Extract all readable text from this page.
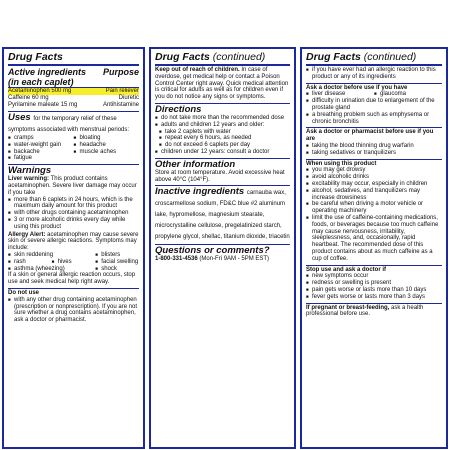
Drug Facts
Active ingredients Purpose
(in each caplet)
Acetaminophen 500 mg	Pain reliever
Caffeine 60 mg	Diuretic
Pyrilamine maleate 15 mg	Antihistamine
Uses for the temporary relief of these symptoms associated with menstrual periods:
■ cramps	■ bloating
■ water-weight gain	■ headache
■ backache	■ muscle aches
■ fatigue
Warnings
Liver warning: This product contains acetaminophen. Severe liver damage may occur if you take
■ more than 6 caplets in 24 hours, which is the maximum daily amount for this product
■ with other drugs containing acetaminophen
■ 3 or more alcoholic drinks every day while using this product
Allergy Alert: acetaminophen may cause severe skin or severe allergic reactions. Symptoms may include:
■ skin reddening	■ blisters
■ rash	■ hives	■ facial swelling
■ asthma (wheezing)	■ shock
If a skin or general allergic reaction occurs, stop use and seek medical help right away.
Do not use
■ with any other drug containing acetaminophen (prescription or nonprescription). If you are not sure whether a drug contains acetaminophen, ask a doctor or pharmacist.
Drug Facts (continued)
Keep out of reach of children. In case of overdose, get medical help or contact a Poison Control Center right away. Quick medical attention is critical for adults as well as for children even if you do not notice any signs or symptoms.
Directions
■ do not take more than the recommended dose
■ adults and children 12 years and older:
■ take 2 caplets with water
■ repeat every 6 hours, as needed
■ do not exceed 6 caplets per day
■ children under 12 years: consult a doctor
Other information
Store at room temperature. Avoid excessive heat above 40°C (104°F).
Inactive ingredients carnauba wax, croscarmellose sodium, FD&C blue #2 aluminum lake, hypromellose, magnesium stearate, microcrystalline cellulose, pregelatinized starch, propylene glycol, shellac, titanium dioxide, triacetin
Questions or comments?
1-800-331-4536 (Mon-Fri 9AM - 5PM EST)
Drug Facts (continued)
■ if you have ever had an allergic reaction to this product or any of its ingredients
Ask a doctor before use if you have
■ liver disease	■ glaucoma
■ difficulty in urination due to enlargement of the prostate gland
■ a breathing problem such as emphysema or chronic bronchitis
Ask a doctor or pharmacist before use if you are
■ taking the blood thinning drug warfarin
■ taking sedatives or tranquilizers
When using this product
■ you may get drowsy
■ avoid alcoholic drinks
■ excitability may occur, especially in children
■ alcohol, sedatives, and tranquilizers may increase drowsiness
■ be careful when driving a motor vehicle or operating machinery
■ limit the use of caffeine-containing medications, foods, or beverages because too much caffeine may cause nervousness, irritability, sleeplessness, and, occasionally, rapid heartbeat. The recommended dose of this product contains about as much caffeine as a cup of coffee.
Stop use and ask a doctor if
■ new symptoms occur
■ redness or swelling is present
■ pain gets worse or lasts more than 10 days
■ fever gets worse or lasts more than 3 days
If pregnant or breast-feeding, ask a health professional before use.
